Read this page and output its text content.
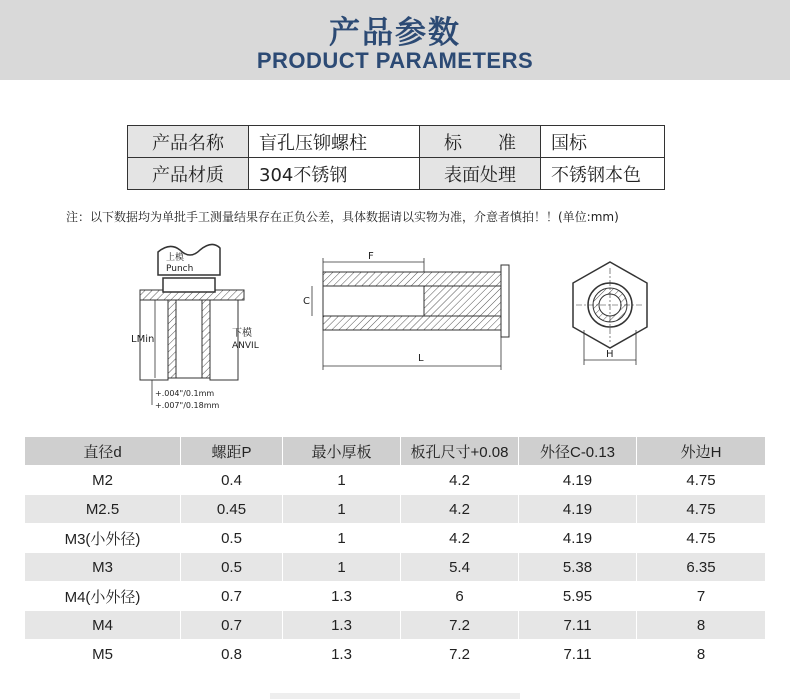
产品参数
PRODUCT PARAMETERS
产品名称	盲孔压铆螺柱	标　　准	国标
产品材质	304不锈钢	表面处理	不锈钢本色
注：以下数据均为单批手工测量结果存在正负公差，具体数据请以实物为准，介意者慎拍！！(单位:mm)
上模
Punch
LMin
下模
ANVIL
+.004"/0.1mm
+.007"/0.18mm
F
C
L	H
直径d	螺距P	最小厚板	板孔尺寸+0.08	外径C-0.13	外边H
M2	0.4	1	4.2	4.19	4.75
M2.5	0.45	1	4.2	4.19	4.75
M3(小外径)	0.5	1	4.2	4.19	4.75
M3	0.5	1	5.4	5.38	6.35
M4(小外径)	0.7	1.3	6	5.95	7
M4	0.7	1.3	7.2	7.11	8
M5	0.8	1.3	7.2	7.11	8
